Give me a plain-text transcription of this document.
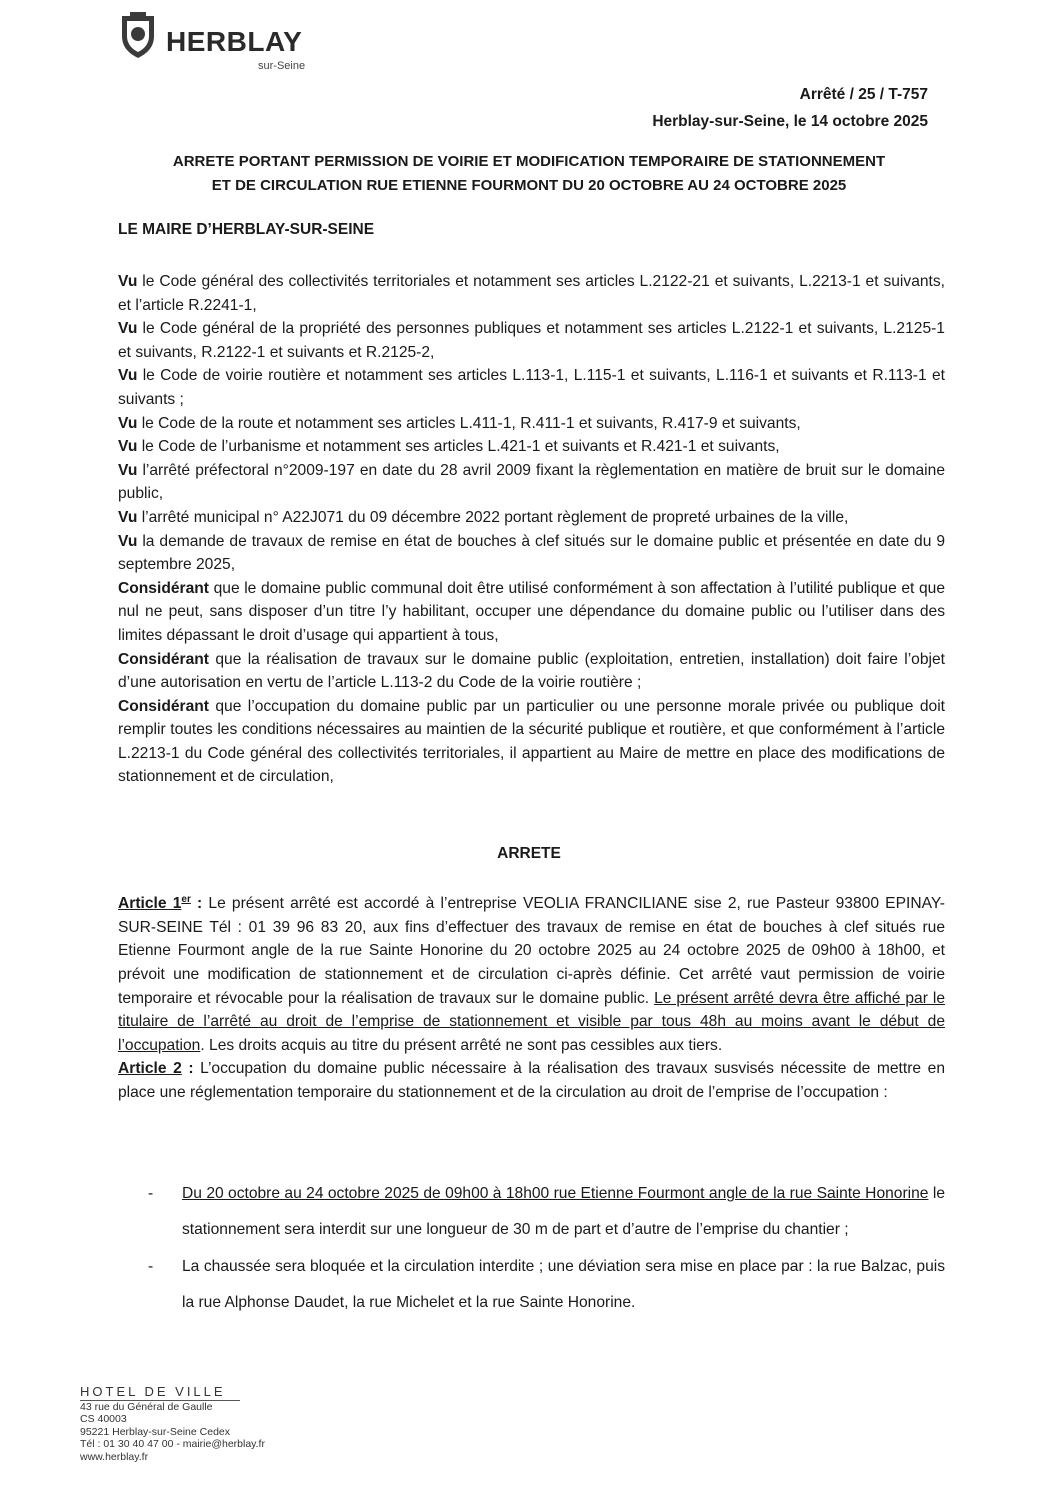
HERBLAY
sur-Seine
Arrêté / 25 / T-757
Herblay-sur-Seine, le 14 octobre 2025
ARRETE PORTANT PERMISSION DE VOIRIE ET MODIFICATION TEMPORAIRE DE STATIONNEMENT
ET DE CIRCULATION RUE ETIENNE FOURMONT DU 20 OCTOBRE AU 24 OCTOBRE 2025
LE MAIRE D’HERBLAY-SUR-SEINE

Vu le Code général des collectivités territoriales et notamment ses articles L.2122-21 et suivants, L.2213-1 et suivants, et l’article R.2241-1,

Vu le Code général de la propriété des personnes publiques et notamment ses articles L.2122-1 et suivants, L.2125-1 et suivants, R.2122-1 et suivants et R.2125-2,

Vu le Code de voirie routière et notamment ses articles L.113-1, L.115-1 et suivants, L.116-1 et suivants et R.113-1 et suivants ;

Vu le Code de la route et notamment ses articles L.411-1, R.411-1 et suivants, R.417-9 et suivants,

Vu le Code de l’urbanisme et notamment ses articles L.421-1 et suivants et R.421-1 et suivants,

Vu l’arrêté préfectoral n°2009-197 en date du 28 avril 2009 fixant la règlementation en matière de bruit sur le domaine public,

Vu l’arrêté municipal n° A22J071 du 09 décembre 2022 portant règlement de propreté urbaines de la ville,

Vu la demande de travaux de remise en état de bouches à clef situés sur le domaine public et présentée en date du 9 septembre 2025,

Considérant que le domaine public communal doit être utilisé conformément à son affectation à l’utilité publique et que nul ne peut, sans disposer d’un titre l’y habilitant, occuper une dépendance du domaine public ou l’utiliser dans des limites dépassant le droit d’usage qui appartient à tous,

Considérant que la réalisation de travaux sur le domaine public (exploitation, entretien, installation) doit faire l’objet d’une autorisation en vertu de l’article L.113-2 du Code de la voirie routière ;

Considérant que l’occupation du domaine public par un particulier ou une personne morale privée ou publique doit remplir toutes les conditions nécessaires au maintien de la sécurité publique et routière, et que conformément à l’article L.2213-1 du Code général des collectivités territoriales, il appartient au Maire de mettre en place des modifications de stationnement et de circulation,

ARRETE

Article 1er : Le présent arrêté est accordé à l’entreprise VEOLIA FRANCILIANE sise 2, rue Pasteur 93800 EPINAY-SUR-SEINE Tél : 01 39 96 83 20, aux fins d’effectuer des travaux de remise en état de bouches à clef situés rue Etienne Fourmont angle de la rue Sainte Honorine du 20 octobre 2025 au 24 octobre 2025 de 09h00 à 18h00, et prévoit une modification de stationnement et de circulation ci-après définie. Cet arrêté vaut permission de voirie temporaire et révocable pour la réalisation de travaux sur le domaine public. Le présent arrêté devra être affiché par le titulaire de l’arrêté au droit de l’emprise de stationnement et visible par tous 48h au moins avant le début de l’occupation. Les droits acquis au titre du présent arrêté ne sont pas cessibles aux tiers.

Article 2 : L’occupation du domaine public nécessaire à la réalisation des travaux susvisés nécessite de mettre en place une réglementation temporaire du stationnement et de la circulation au droit de l’emprise de l’occupation :

- Du 20 octobre au 24 octobre 2025 de 09h00 à 18h00 rue Etienne Fourmont angle de la rue Sainte Honorine le stationnement sera interdit sur une longueur de 30 m de part et d’autre de l’emprise du chantier ;
- La chaussée sera bloquée et la circulation interdite ; une déviation sera mise en place par : la rue Balzac, puis la rue Alphonse Daudet, la rue Michelet et la rue Sainte Honorine.
HOTEL DE VILLE
43 rue du Général de Gaulle
CS 40003
95221 Herblay-sur-Seine Cedex
Tél : 01 30 40 47 00 - mairie@herblay.fr
www.herblay.fr
